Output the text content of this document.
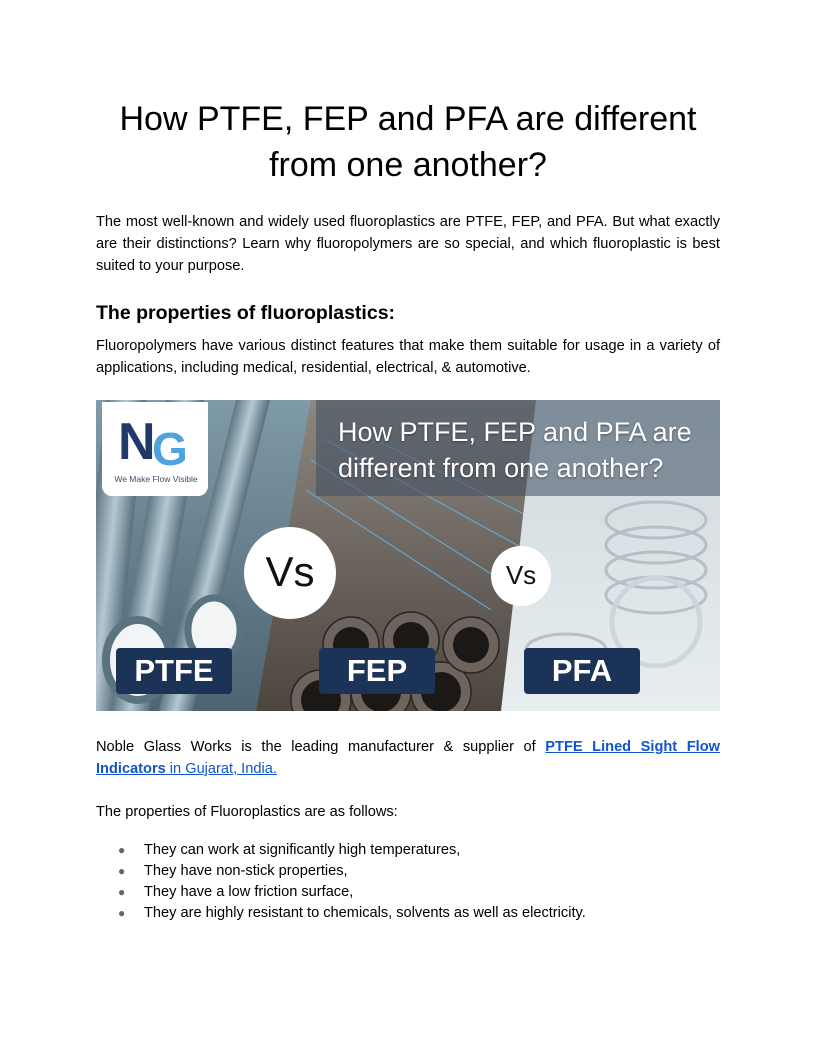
How PTFE, FEP and PFA are different from one another?

The most well-known and widely used fluoroplastics are PTFE, FEP, and PFA. But what exactly are their distinctions? Learn why fluoropolymers are so special, and which fluoroplastic is best suited to your purpose.

The properties of fluoroplastics:

Fluoropolymers have various distinct features that make them suitable for usage in a variety of applications, including medical, residential, electrical, & automotive.

N G
We Make Flow Visible
How PTFE, FEP and PFA are different from one another?
Vs	Vs
PTFE	FEP	PFA

Noble Glass Works is the leading manufacturer & supplier of PTFE Lined Sight Flow Indicators in Gujarat, India.

The properties of Fluoroplastics are as follows:

● They can work at significantly high temperatures,
● They have non-stick properties,
● They have a low friction surface,
● They are highly resistant to chemicals, solvents as well as electricity.
